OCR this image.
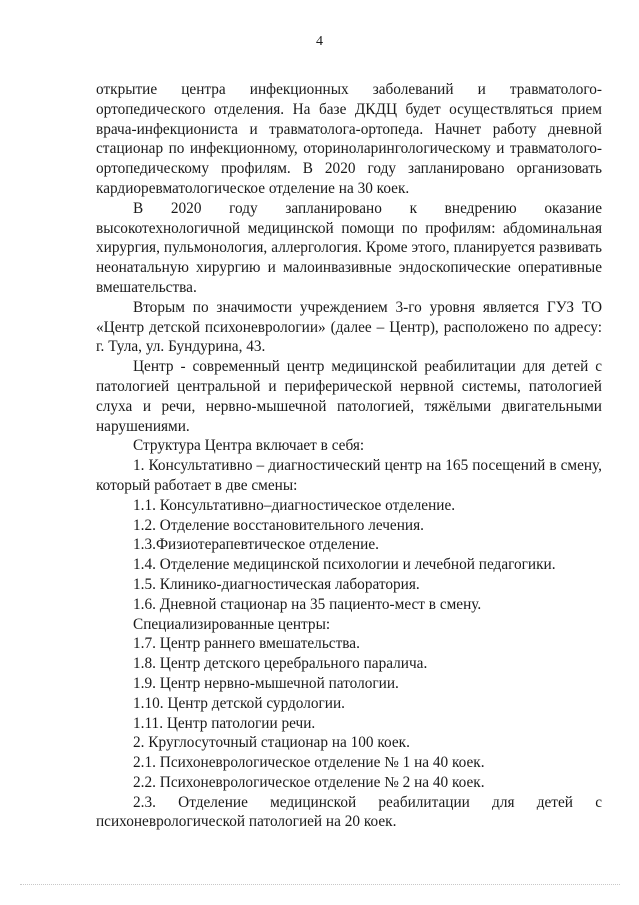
4
открытие центра инфекционных заболеваний и травматолого-
ортопедического отделения. На базе ДКДЦ будет осуществляться прием
врача-инфекциониста и травматолога-ортопеда. Начнет работу дневной
стационар по инфекционному, оториноларингологическому и травматолого-
ортопедическому профилям. В 2020 году запланировано организовать
кардиоревматологическое отделение на 30 коек.
В 2020 году запланировано к внедрению оказание
высокотехнологичной медицинской помощи по профилям: абдоминальная
хирургия, пульмонология, аллергология. Кроме этого, планируется развивать
неонатальную хирургию и малоинвазивные эндоскопические оперативные
вмешательства.
Вторым по значимости учреждением 3-го уровня является ГУЗ ТО
«Центр детской психоневрологии» (далее – Центр), расположено по адресу:
г. Тула, ул. Бундурина, 43.
Центр - современный центр медицинской реабилитации для детей с
патологией центральной и периферической нервной системы, патологией
слуха и речи, нервно-мышечной патологией, тяжёлыми двигательными
нарушениями.
Структура Центра включает в себя:
1. Консультативно – диагностический центр на 165 посещений в смену,
который работает в две смены:
1.1. Консультативно–диагностическое отделение.
1.2. Отделение восстановительного лечения.
1.3.Физиотерапевтическое отделение.
1.4. Отделение медицинской психологии и лечебной педагогики.
1.5. Клинико-диагностическая лаборатория.
1.6. Дневной стационар на 35 пациенто-мест в смену.
Специализированные центры:
1.7. Центр раннего вмешательства.
1.8. Центр детского церебрального паралича.
1.9. Центр нервно-мышечной патологии.
1.10. Центр детской сурдологии.
1.11. Центр патологии речи.
2. Круглосуточный стационар на 100 коек.
2.1. Психоневрологическое отделение № 1 на 40 коек.
2.2. Психоневрологическое отделение № 2 на 40 коек.
2.3. Отделение медицинской реабилитации для детей с
психоневрологической патологией на 20 коек.
